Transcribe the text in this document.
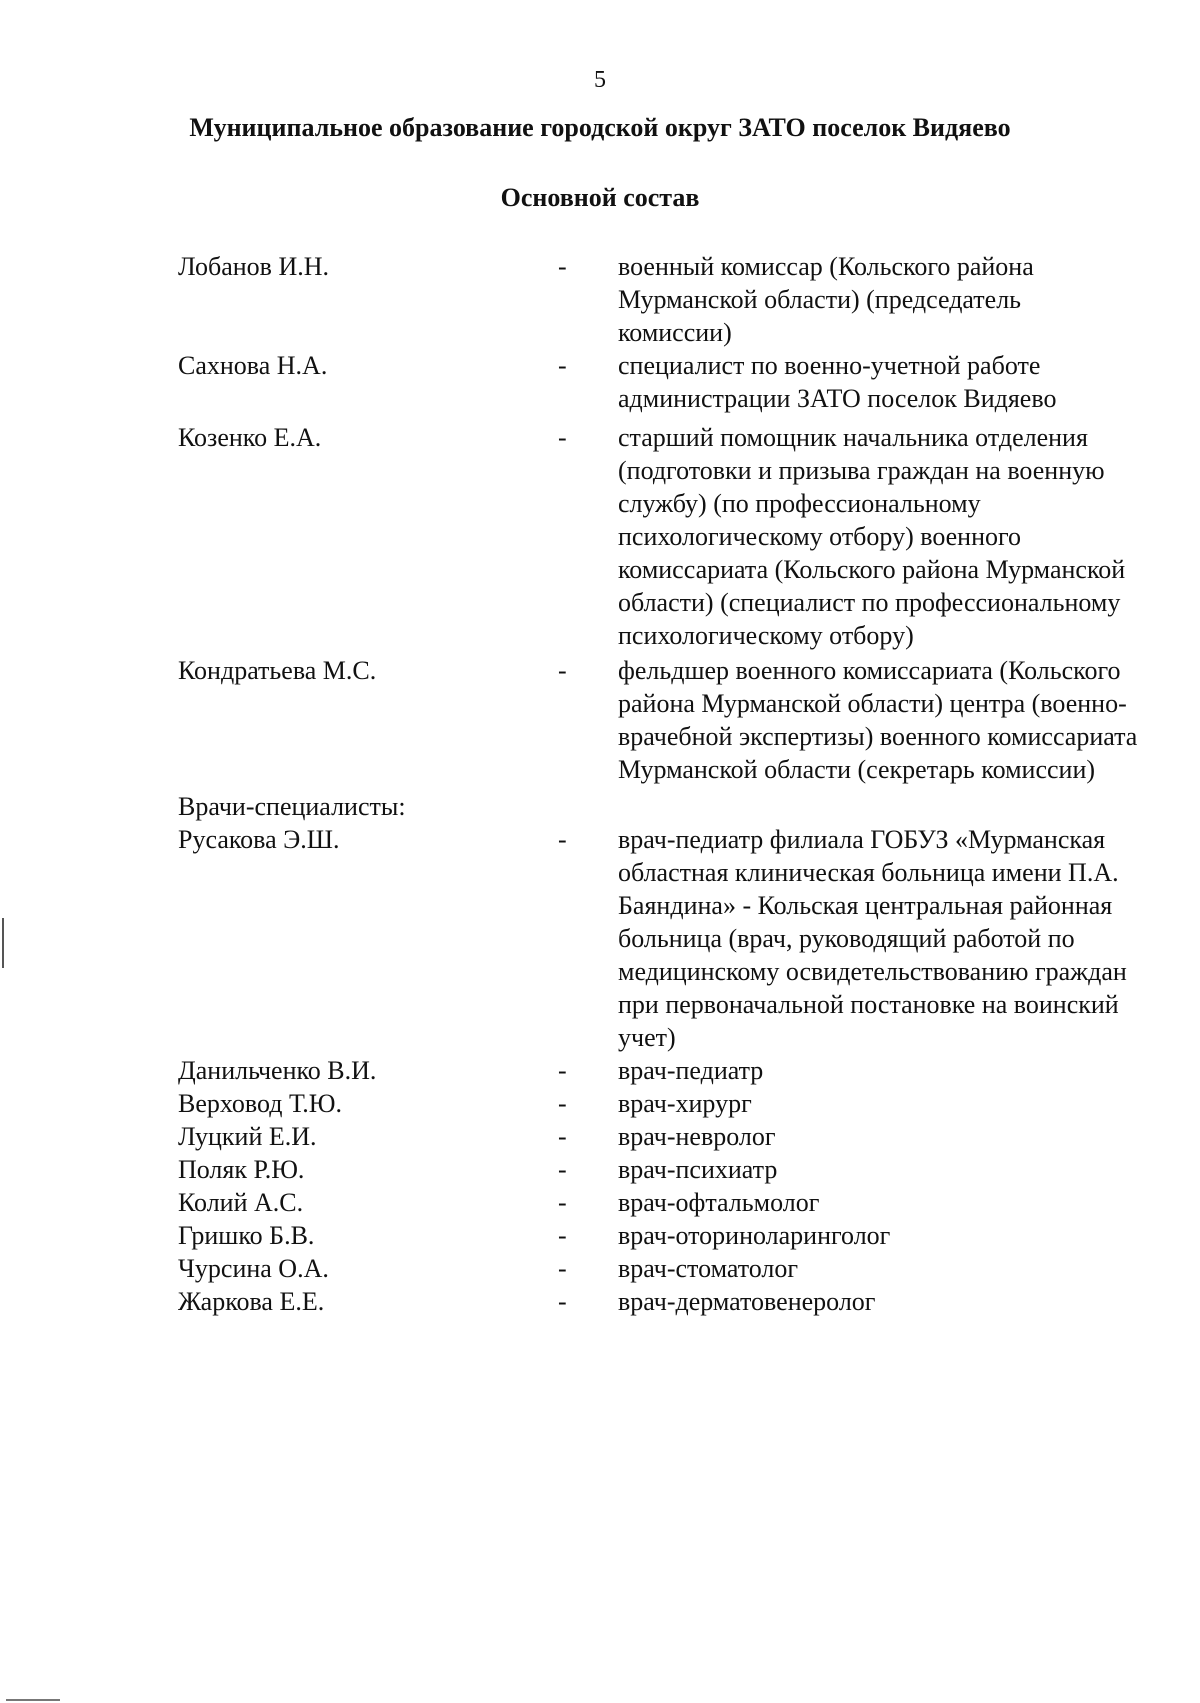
5
Муниципальное образование городской округ ЗАТО поселок Видяево
Основной состав
Лобанов И.Н.	-	военный комиссар (Кольского района Мурманской области) (председатель комиссии)
Сахнова Н.А.	-	специалист по военно-учетной работе администрации ЗАТО поселок Видяево
Козенко Е.А.	-	старший помощник начальника отделения (подготовки и призыва граждан на военную службу) (по профессиональному психологическому отбору) военного комиссариата (Кольского района Мурманской области) (специалист по профессиональному психологическому отбору)
Кондратьева М.С.	-	фельдшер военного комиссариата (Кольского района Мурманской области) центра (военно-врачебной экспертизы) военного комиссариата Мурманской области (секретарь комиссии)
Врачи-специалисты:
Русакова Э.Ш.	-	врач-педиатр филиала ГОБУЗ «Мурманская областная клиническая больница имени П.А. Баяндина» - Кольская центральная районная больница (врач, руководящий работой по медицинскому освидетельствованию граждан при первоначальной постановке на воинский учет)
Данильченко В.И.	-	врач-педиатр
Верховод Т.Ю.	-	врач-хирург
Луцкий Е.И.	-	врач-невролог
Поляк Р.Ю.	-	врач-психиатр
Колий А.С.	-	врач-офтальмолог
Гришко Б.В.	-	врач-оториноларинголог
Чурсина О.А.	-	врач-стоматолог
Жаркова Е.Е.	-	врач-дерматовенеролог
